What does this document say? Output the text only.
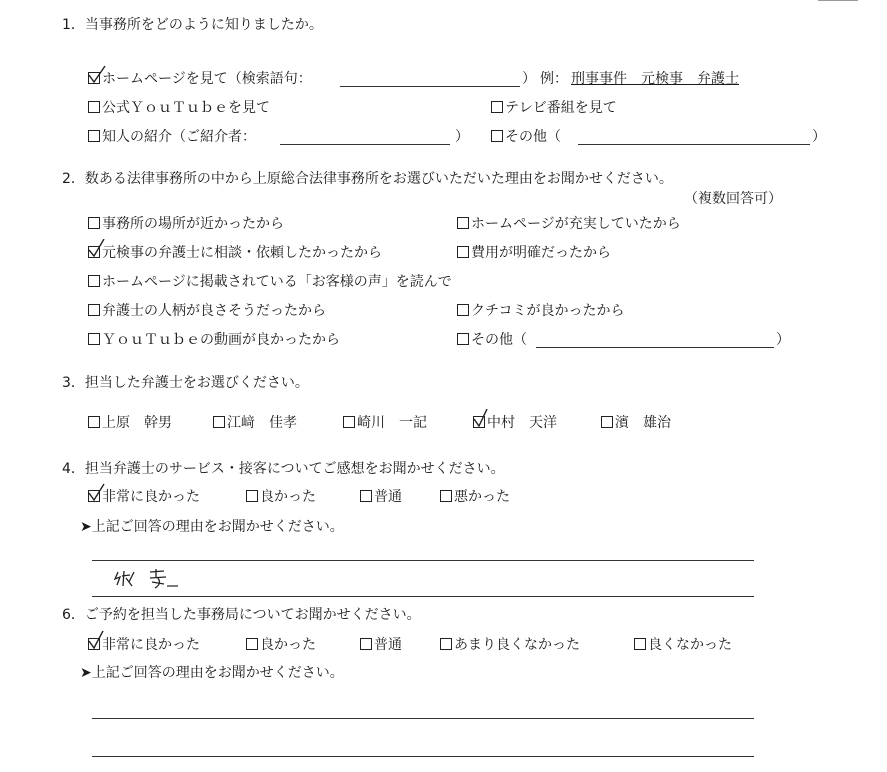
1．当事務所をどのように知りましたか。
ホームページを見て（検索語句：	） 例： 刑事事件　元検事　弁護士
公式ＹｏｕＴｕｂｅを見て	テレビ番組を見て
知人の紹介（ご紹介者：	）	その他（	）
2．数ある法律事務所の中から上原総合法律事務所をお選びいただいた理由をお聞かせください。
（複数回答可）
事務所の場所が近かったから	ホームページが充実していたから
元検事の弁護士に相談・依頼したかったから	費用が明確だったから
ホームページに掲載されている「お客様の声」を読んで
弁護士の人柄が良さそうだったから	クチコミが良かったから
ＹｏｕＴｕｂｅの動画が良かったから	その他（	）
3．担当した弁護士をお選びください。
上原　幹男	江﨑　佳孝	崎川　一記	中村　天洋	濱　雄治
4．担当弁護士のサービス・接客についてご感想をお聞かせください。
非常に良かった	良かった	普通	悪かった
➤上記ご回答の理由をお聞かせください。
6．ご予約を担当した事務局についてお聞かせください。
非常に良かった	良かった	普通	あまり良くなかった	良くなかった
➤上記ご回答の理由をお聞かせください。
